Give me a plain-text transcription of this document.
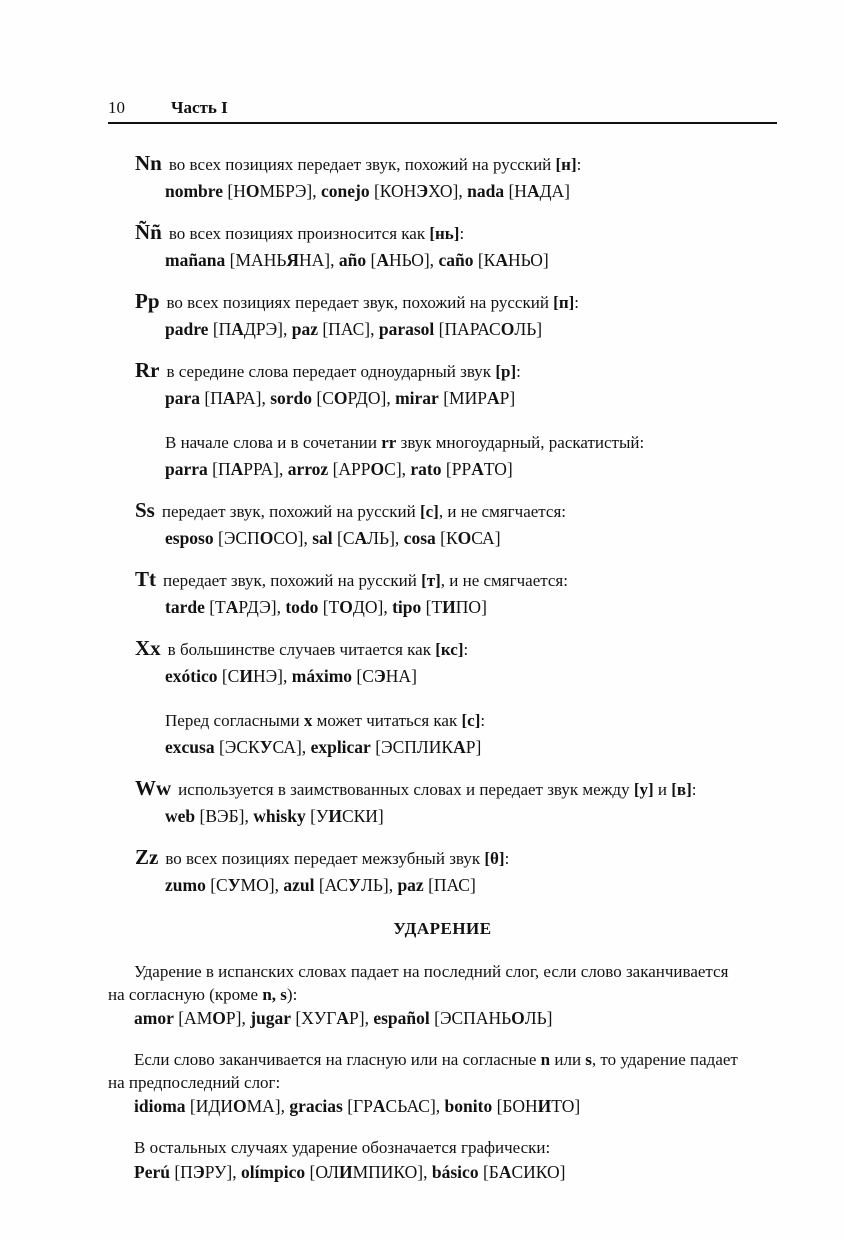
10	Часть I

Nn во всех позициях передает звук, похожий на русский [н]:

nombre [НОМБРЭ], conejo [КОНЭХО], nada [НАДА]

Ññ во всех позициях произносится как [нь]:

mañana [МАНЬЯНА], año [АНЬО], caño [КАНЬО]

Pp во всех позициях передает звук, похожий на русский [п]:

padre [ПАДРЭ], paz [ПАС], parasol [ПАРАСОЛЬ]

Rr в середине слова передает одноударный звук [р]:

para [ПАРА], sordo [СОРДО], mirar [МИРАР]

В начале слова и в сочетании rr звук многоударный, раскатистый:

parra [ПАРРА], arroz [АРРОС], rato [РРАТО]

Ss передает звук, похожий на русский [с], и не смягчается:

esposo [ЭСПОСО], sal [САЛЬ], cosa [КОСА]

Tt передает звук, похожий на русский [т], и не смягчается:

tarde [ТАРДЭ], todo [ТОДО], tipo [ТИПО]

Xx в большинстве случаев читается как [кс]:

exótico [СИНЭ], máximo [СЭНА]

Перед согласными x может читаться как [с]:

excusa [ЭСКУСА], explicar [ЭСПЛИКАР]

Ww используется в заимствованных словах и передает звук между [у] и [в]:

web [ВЭБ], whisky [УИСКИ]

Zz во всех позициях передает межзубный звук [θ]:

zumo [СУМО], azul [АСУЛЬ], paz [ПАС]

УДАРЕНИЕ

Ударение в испанских словах падает на последний слог, если слово заканчивается на согласную (кроме n, s):

amor [АМОР], jugar [ХУГАР], español [ЭСПАНЬОЛЬ]

Если слово заканчивается на гласную или на согласные n или s, то ударение падает на предпоследний слог:

idioma [ИДИОМА], gracias [ГРАСЬАС], bonito [БОНИТО]

В остальных случаях ударение обозначается графически:

Perú [ПЭРУ], olímpico [ОЛИМПИКО], básico [БАСИКО]
